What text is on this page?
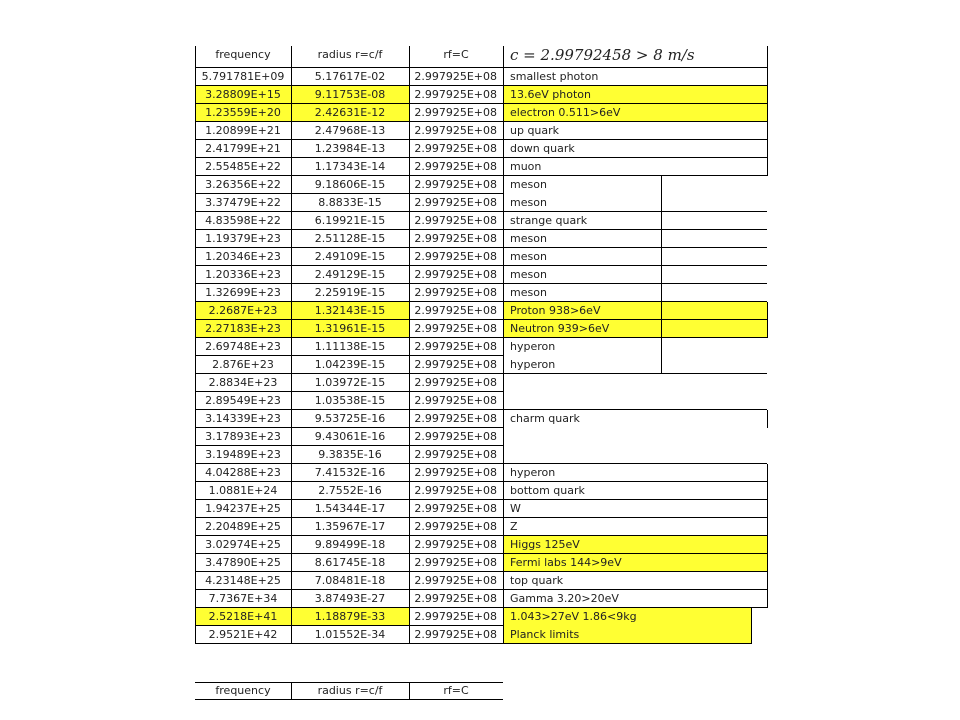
frequency	radius r=c/f	rf=C	c = 2.99792458 > 8 m/s
5.791781E+09	5.17617E-02	2.997925E+08	smallest photon
3.28809E+15	9.11753E-08	2.997925E+08	13.6eV photon
1.23559E+20	2.42631E-12	2.997925E+08	electron 0.511>6eV
1.20899E+21	2.47968E-13	2.997925E+08	up quark
2.41799E+21	1.23984E-13	2.997925E+08	down quark
2.55485E+22	1.17343E-14	2.997925E+08	muon
3.26356E+22	9.18606E-15	2.997925E+08	meson
3.37479E+22	8.8833E-15	2.997925E+08	meson
4.83598E+22	6.19921E-15	2.997925E+08	strange quark
1.19379E+23	2.51128E-15	2.997925E+08	meson
1.20346E+23	2.49109E-15	2.997925E+08	meson
1.20336E+23	2.49129E-15	2.997925E+08	meson
1.32699E+23	2.25919E-15	2.997925E+08	meson
2.2687E+23	1.32143E-15	2.997925E+08	Proton 938>6eV
2.27183E+23	1.31961E-15	2.997925E+08	Neutron 939>6eV
2.69748E+23	1.11138E-15	2.997925E+08	hyperon
2.876E+23	1.04239E-15	2.997925E+08	hyperon
2.8834E+23	1.03972E-15	2.997925E+08
2.89549E+23	1.03538E-15	2.997925E+08
3.14339E+23	9.53725E-16	2.997925E+08	charm quark
3.17893E+23	9.43061E-16	2.997925E+08
3.19489E+23	9.3835E-16	2.997925E+08
4.04288E+23	7.41532E-16	2.997925E+08	hyperon
1.0881E+24	2.7552E-16	2.997925E+08	bottom quark
1.94237E+25	1.54344E-17	2.997925E+08	W
2.20489E+25	1.35967E-17	2.997925E+08	Z
3.02974E+25	9.89499E-18	2.997925E+08	Higgs 125eV
3.47890E+25	8.61745E-18	2.997925E+08	Fermi labs 144>9eV
4.23148E+25	7.08481E-18	2.997925E+08	top quark
7.7367E+34	3.87493E-27	2.997925E+08	Gamma 3.20>20eV
2.5218E+41	1.18879E-33	2.997925E+08	1.043>27eV 1.86<9kg
2.9521E+42	1.01552E-34	2.997925E+08	Planck limits
frequency	radius r=c/f	rf=C
